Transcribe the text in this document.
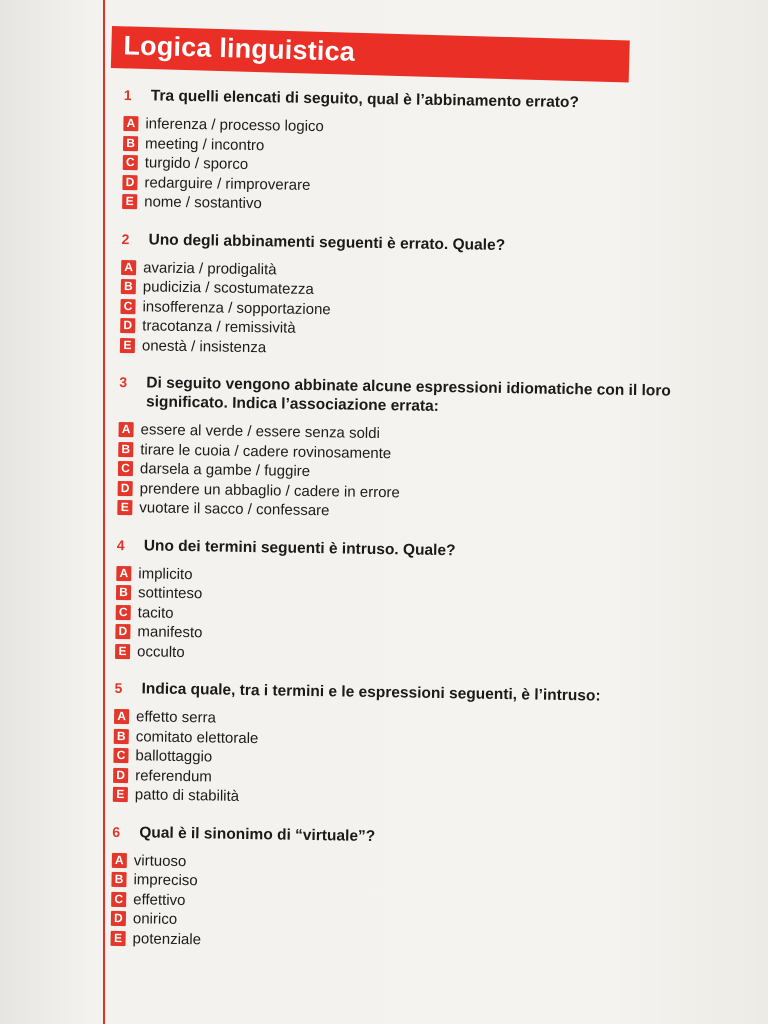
Logica linguistica
1	Tra quelli elencati di seguito, qual è l’abbinamento errato?
A inferenza / processo logico
B meeting / incontro
C turgido / sporco
D redarguire / rimproverare
E nome / sostantivo
2	Uno degli abbinamenti seguenti è errato. Quale?
A avarizia / prodigalità
B pudicizia / scostumatezza
C insofferenza / sopportazione
D tracotanza / remissività
E onestà / insistenza
3	Di seguito vengono abbinate alcune espressioni idiomatiche con il loro significato. Indica l’associazione errata:
A essere al verde / essere senza soldi
B tirare le cuoia / cadere rovinosamente
C darsela a gambe / fuggire
D prendere un abbaglio / cadere in errore
E vuotare il sacco / confessare
4	Uno dei termini seguenti è intruso. Quale?
A implicito
B sottinteso
C tacito
D manifesto
E occulto
5	Indica quale, tra i termini e le espressioni seguenti, è l’intruso:
A effetto serra
B comitato elettorale
C ballottaggio
D referendum
E patto di stabilità
6	Qual è il sinonimo di “virtuale”?
A virtuoso
B impreciso
C effettivo
D onirico
E potenziale
